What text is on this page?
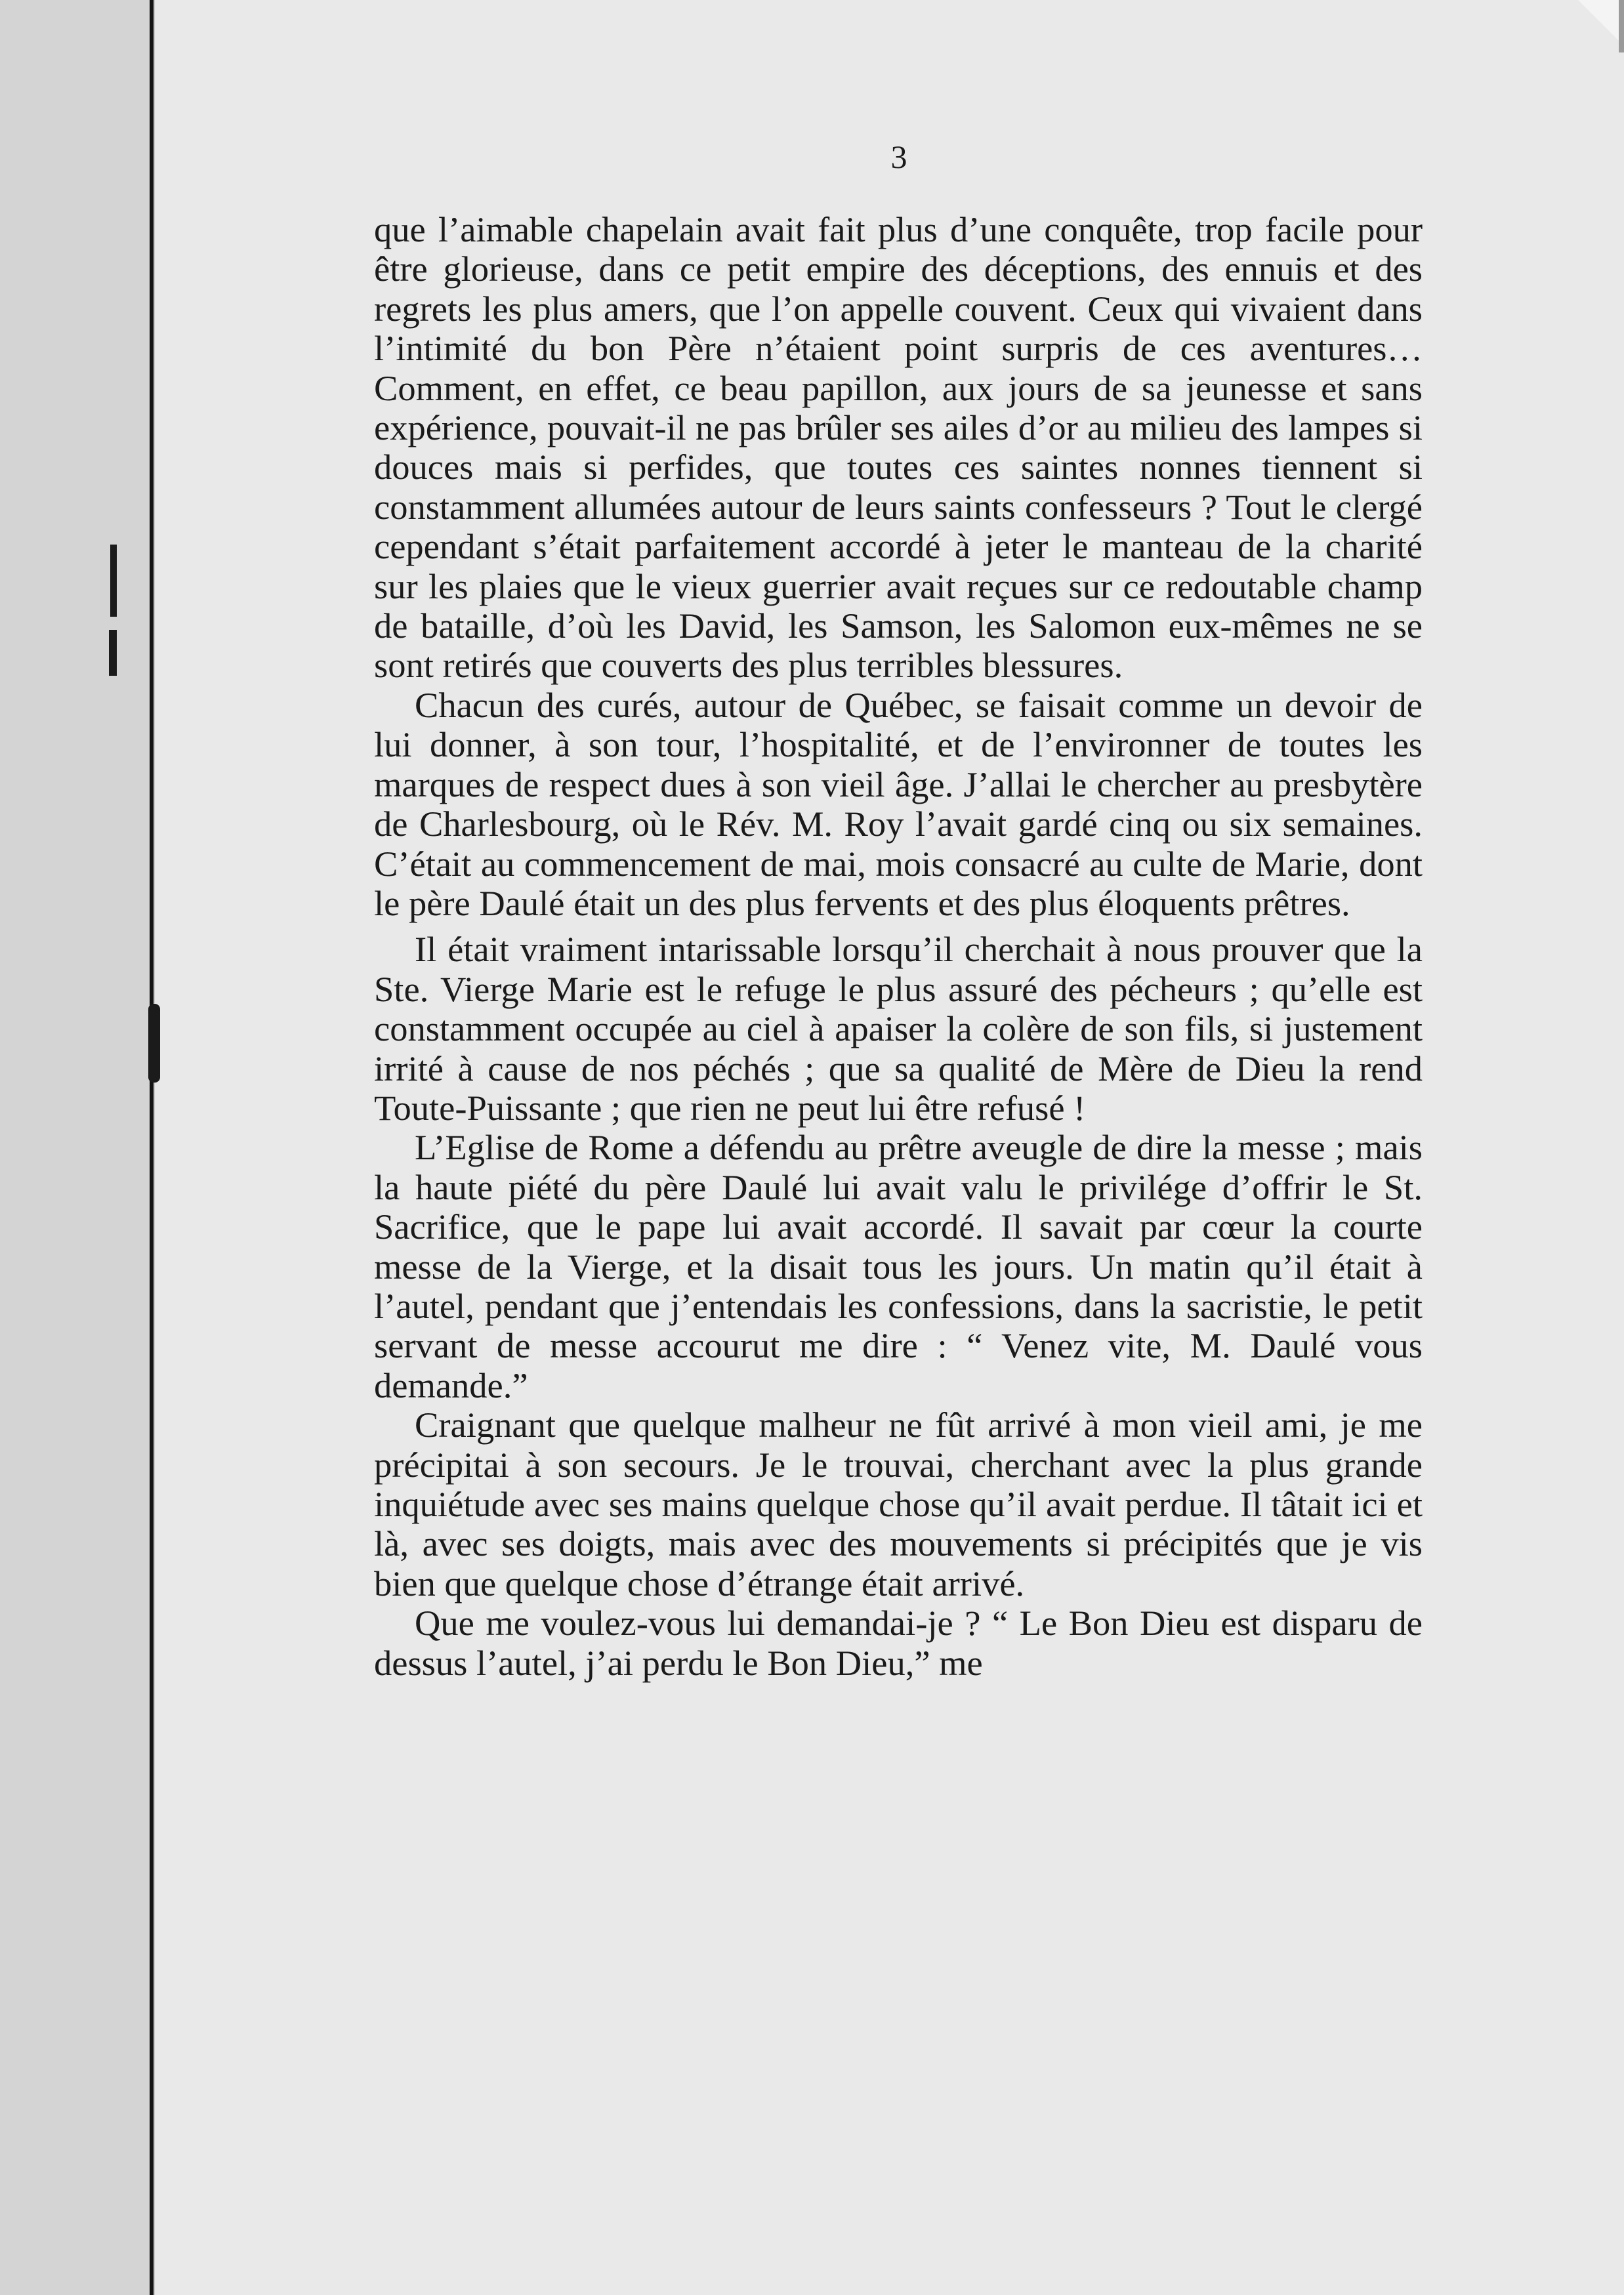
3

que l’aimable chapelain avait fait plus d’une conquête, trop facile pour être glorieuse, dans ce petit empire des déceptions, des ennuis et des regrets les plus amers, que l’on appelle couvent. Ceux qui vivaient dans l’intimité du bon Père n’étaient point surpris de ces aventures… Comment, en effet, ce beau papillon, aux jours de sa jeunesse et sans expérience, pouvait-il ne pas brûler ses ailes d’or au milieu des lampes si douces mais si perfides, que toutes ces saintes nonnes tiennent si constamment allumées autour de leurs saints confesseurs ? Tout le clergé cependant s’était parfaitement accordé à jeter le manteau de la charité sur les plaies que le vieux guerrier avait reçues sur ce redoutable champ de bataille, d’où les David, les Samson, les Salomon eux-mêmes ne se sont retirés que couverts des plus terribles blessures.

Chacun des curés, autour de Québec, se faisait comme un devoir de lui donner, à son tour, l’hospitalité, et de l’environner de toutes les marques de respect dues à son vieil âge. J’allai le chercher au presbytère de Charlesbourg, où le Rév. M. Roy l’avait gardé cinq ou six semaines. C’était au commencement de mai, mois consacré au culte de Marie, dont le père Daulé était un des plus fervents et des plus éloquents prêtres.

Il était vraiment intarissable lorsqu’il cherchait à nous prouver que la Ste. Vierge Marie est le refuge le plus assuré des pécheurs ; qu’elle est constamment occupée au ciel à apaiser la colère de son fils, si justement irrité à cause de nos péchés ; que sa qualité de Mère de Dieu la rend Toute-Puissante ; que rien ne peut lui être refusé !

L’Eglise de Rome a défendu au prêtre aveugle de dire la messe ; mais la haute piété du père Daulé lui avait valu le privilége d’offrir le St. Sacrifice, que le pape lui avait accordé. Il savait par cœur la courte messe de la Vierge, et la disait tous les jours. Un matin qu’il était à l’autel, pendant que j’entendais les confessions, dans la sacristie, le petit servant de messe accourut me dire : “ Venez vite, M. Daulé vous demande.”

Craignant que quelque malheur ne fût arrivé à mon vieil ami, je me précipitai à son secours. Je le trouvai, cherchant avec la plus grande inquiétude avec ses mains quelque chose qu’il avait perdue. Il tâtait ici et là, avec ses doigts, mais avec des mouvements si précipités que je vis bien que quelque chose d’étrange était arrivé.

Que me voulez-vous lui demandai-je ? “ Le Bon Dieu est disparu de dessus l’autel, j’ai perdu le Bon Dieu,” me
